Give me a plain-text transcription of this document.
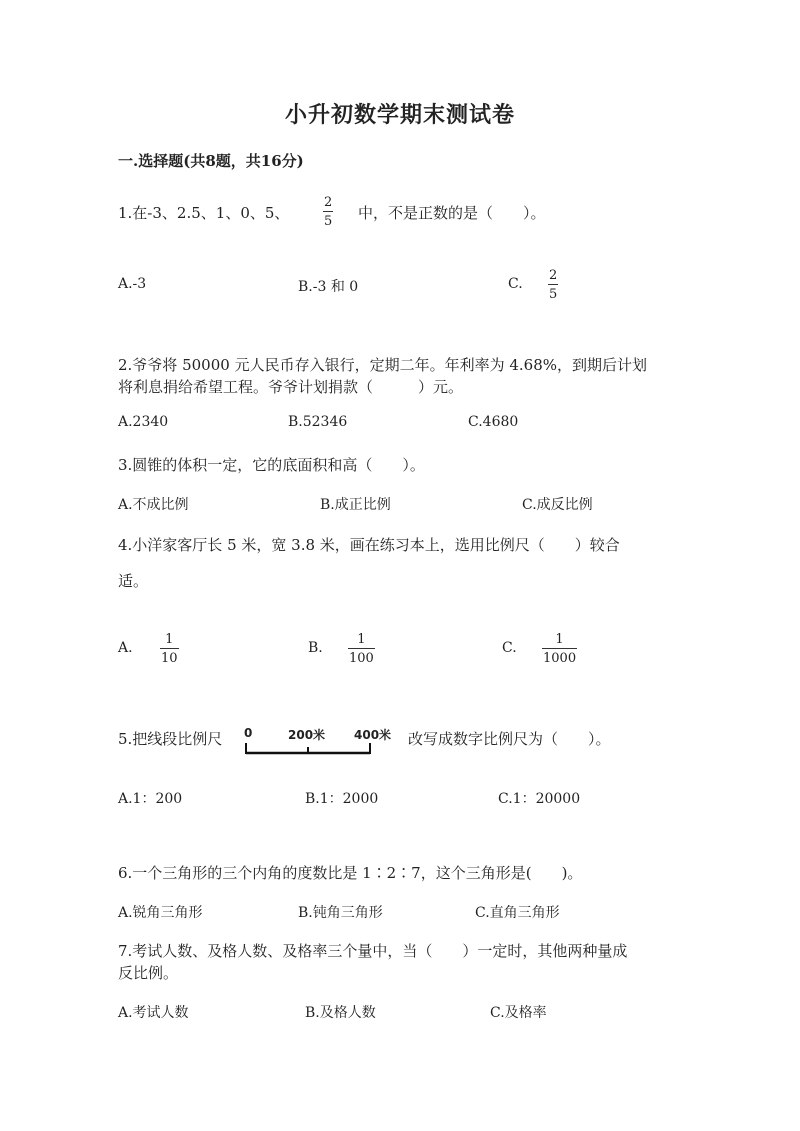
小升初数学期末测试卷
一.选择题(共8题，共16分)
1.在-3、2.5、1、0、5、	$\frac{2}{5}$ 中，不是正数的是（　　）。
A.-3	B.-3 和 0	C. $\frac{2}{5}$
2.爷爷将 50000 元人民币存入银行，定期二年。年利率为 4.68%，到期后计划
将利息捐给希望工程。爷爷计划捐款（　　　）元。
A.2340	B.52346	C.4680
3.圆锥的体积一定，它的底面积和高（　　）。
A.不成比例	B.成正比例	C.成反比例
4.小洋家客厅长 5 米，宽 3.8 米，画在练习本上，选用比例尺（　　）较合
适。
A. $\frac{1}{10}$	B. $\frac{1}{100}$	C. $\frac{1}{1000}$
5.把线段比例尺 0	200米 400米 改写成数字比例尺为（　　）。
A.1：200	B.1：2000	C.1：20000
6.一个三角形的三个内角的度数比是 1∶2∶7，这个三角形是(　　)。
A.锐角三角形	B.钝角三角形	C.直角三角形
7.考试人数、及格人数、及格率三个量中，当（　　）一定时，其他两种量成
反比例。
A.考试人数	B.及格人数	C.及格率
